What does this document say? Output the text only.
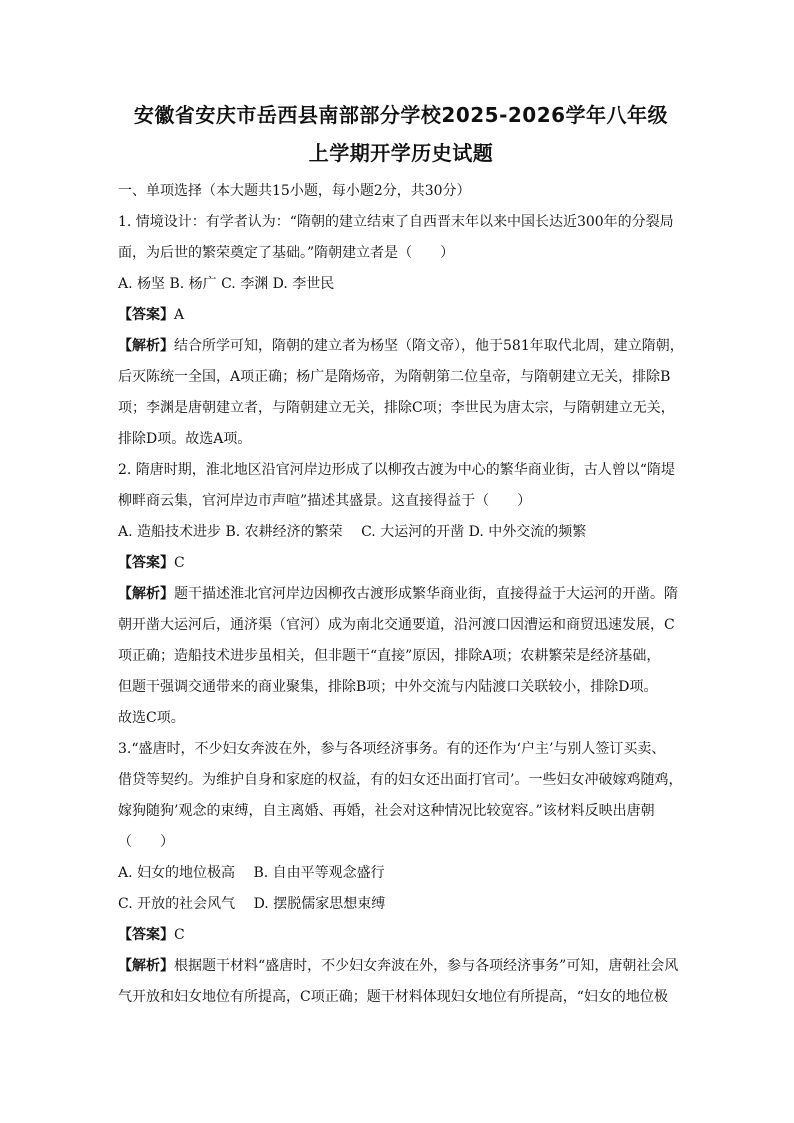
安徽省安庆市岳西县南部部分学校2025-2026学年八年级
上学期开学历史试题
一、单项选择（本大题共15小题，每小题2分，共30分）
1. 情境设计：有学者认为：“隋朝的建立结束了自西晋末年以来中国长达近300年的分裂局
面，为后世的繁荣奠定了基础。”隋朝建立者是（　　）
A. 杨坚 B. 杨广 C. 李渊 D. 李世民
【答案】A
【解析】结合所学可知，隋朝的建立者为杨坚（隋文帝），他于581年取代北周，建立隋朝，
后灭陈统一全国，A项正确；杨广是隋炀帝，为隋朝第二位皇帝，与隋朝建立无关，排除B
项；李渊是唐朝建立者，与隋朝建立无关，排除C项；李世民为唐太宗，与隋朝建立无关，
排除D项。故选A项。
2. 隋唐时期，淮北地区沿官河岸边形成了以柳孜古渡为中心的繁华商业街，古人曾以“隋堤
柳畔商云集，官河岸边市声喧”描述其盛景。这直接得益于（　　）
A. 造船技术进步 B. 农耕经济的繁荣　 C. 大运河的开凿 D. 中外交流的频繁
【答案】C
【解析】题干描述淮北官河岸边因柳孜古渡形成繁华商业街，直接得益于大运河的开凿。隋
朝开凿大运河后，通济渠（官河）成为南北交通要道，沿河渡口因漕运和商贸迅速发展，C
项正确；造船技术进步虽相关，但非题干“直接”原因，排除A项；农耕繁荣是经济基础，
但题干强调交通带来的商业聚集，排除B项；中外交流与内陆渡口关联较小，排除D项。
故选C项。
3.“盛唐时，不少妇女奔波在外，参与各项经济事务。有的还作为‘户主’与别人签订买卖、
借贷等契约。为维护自身和家庭的权益，有的妇女还出面打官司’。一些妇女冲破嫁鸡随鸡，
嫁狗随狗’观念的束缚，自主离婚、再婚，社会对这种情况比较宽容。”该材料反映出唐朝
（　　）
A. 妇女的地位极高　 B. 自由平等观念盛行
C. 开放的社会风气　 D. 摆脱儒家思想束缚
【答案】C
【解析】根据题干材料“盛唐时，不少妇女奔波在外，参与各项经济事务”可知，唐朝社会风
气开放和妇女地位有所提高，C项正确；题干材料体现妇女地位有所提高，“妇女的地位极
